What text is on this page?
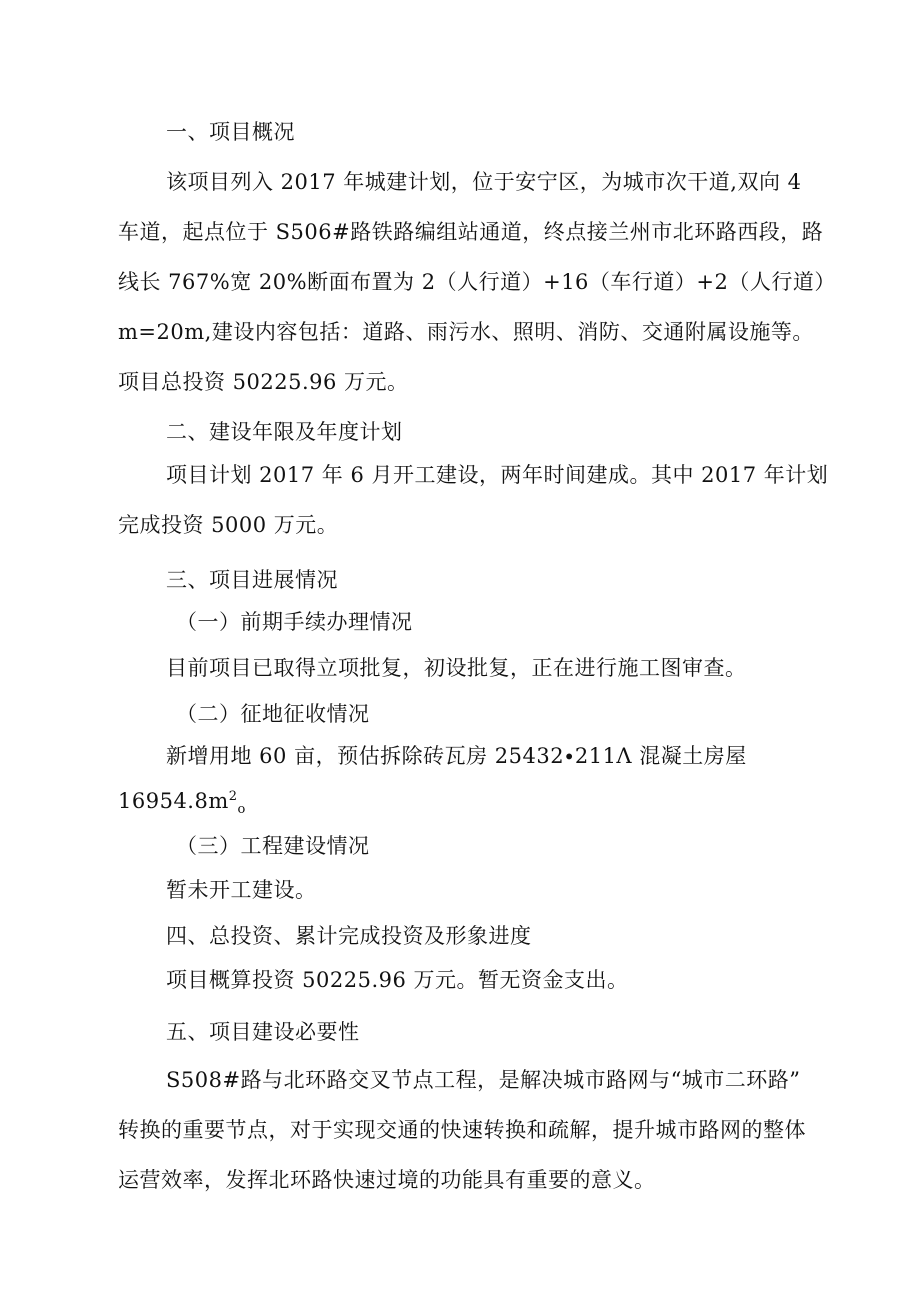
一、项目概况
该项目列入 2017 年城建计划，位于安宁区，为城市次干道,双向 4
车道，起点位于 S506#路铁路编组站通道，终点接兰州市北环路西段，路
线长 767%宽 20%断面布置为 2（人行道）+16（车行道）+2（人行道）
m=20m,建设内容包括：道路、雨污水、照明、消防、交通附属设施等。
项目总投资 50225.96 万元。
二、建设年限及年度计划
项目计划 2017 年 6 月开工建设，两年时间建成。其中 2017 年计划
完成投资 5000 万元。
三、项目进展情况
（一）前期手续办理情况
目前项目已取得立项批复，初设批复，正在进行施工图审查。
（二）征地征收情况
新增用地 60 亩，预估拆除砖瓦房 25432∙211Λ 混凝土房屋
$16954.8m^2_o$
（三）工程建设情况
暂未开工建设。
四、总投资、累计完成投资及形象进度
项目概算投资 50225.96 万元。暂无资金支出。
五、项目建设必要性
S508#路与北环路交叉节点工程，是解决城市路网与“城市二环路”
转换的重要节点，对于实现交通的快速转换和疏解，提升城市路网的整体
运营效率，发挥北环路快速过境的功能具有重要的意义。
